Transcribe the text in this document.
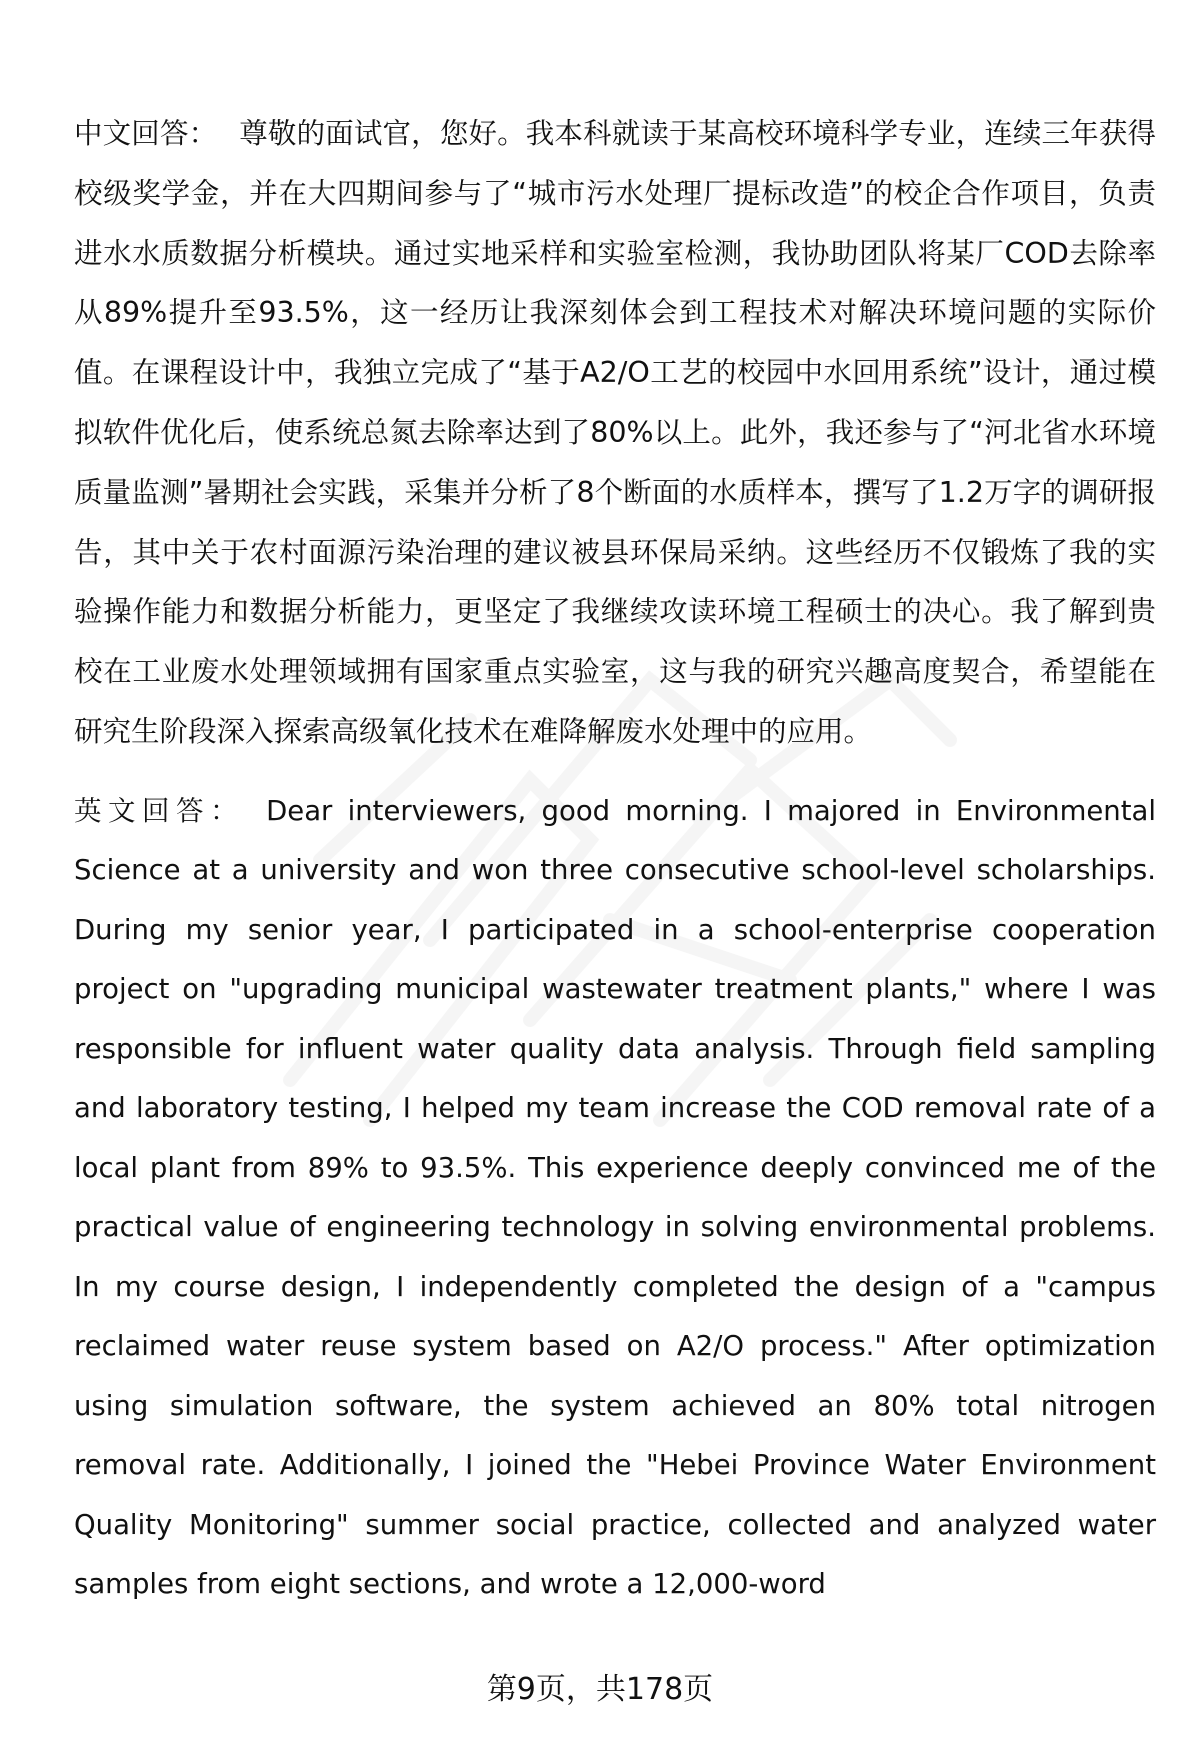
中文回答： 尊敬的面试官，您好。我本科就读于某高校环境科学专业，连续三年获得校级奖学金，并在大四期间参与了“城市污水处理厂提标改造”的校企合作项目，负责进水水质数据分析模块。通过实地采样和实验室检测，我协助团队将某厂COD去除率从89%提升至93.5%，这一经历让我深刻体会到工程技术对解决环境问题的实际价值。在课程设计中，我独立完成了“基于A2/O工艺的校园中水回用系统”设计，通过模拟软件优化后，使系统总氮去除率达到了80%以上。此外，我还参与了“河北省水环境质量监测”暑期社会实践，采集并分析了8个断面的水质样本，撰写了1.2万字的调研报告，其中关于农村面源污染治理的建议被县环保局采纳。这些经历不仅锻炼了我的实验操作能力和数据分析能力，更坚定了我继续攻读环境工程硕士的决心。我了解到贵校在工业废水处理领域拥有国家重点实验室，这与我的研究兴趣高度契合，希望能在研究生阶段深入探索高级氧化技术在难降解废水处理中的应用。

英文回答： Dear interviewers, good morning. I majored in Environmental Science at a university and won three consecutive school-level scholarships. During my senior year, I participated in a school-enterprise cooperation project on "upgrading municipal wastewater treatment plants," where I was responsible for influent water quality data analysis. Through field sampling and laboratory testing, I helped my team increase the COD removal rate of a local plant from 89% to 93.5%. This experience deeply convinced me of the practical value of engineering technology in solving environmental problems. In my course design, I independently completed the design of a "campus reclaimed water reuse system based on A2/O process." After optimization using simulation software, the system achieved an 80% total nitrogen removal rate. Additionally, I joined the "Hebei Province Water Environment Quality Monitoring" summer social practice, collected and analyzed water samples from eight sections, and wrote a 12,000-word

第9页，共178页
